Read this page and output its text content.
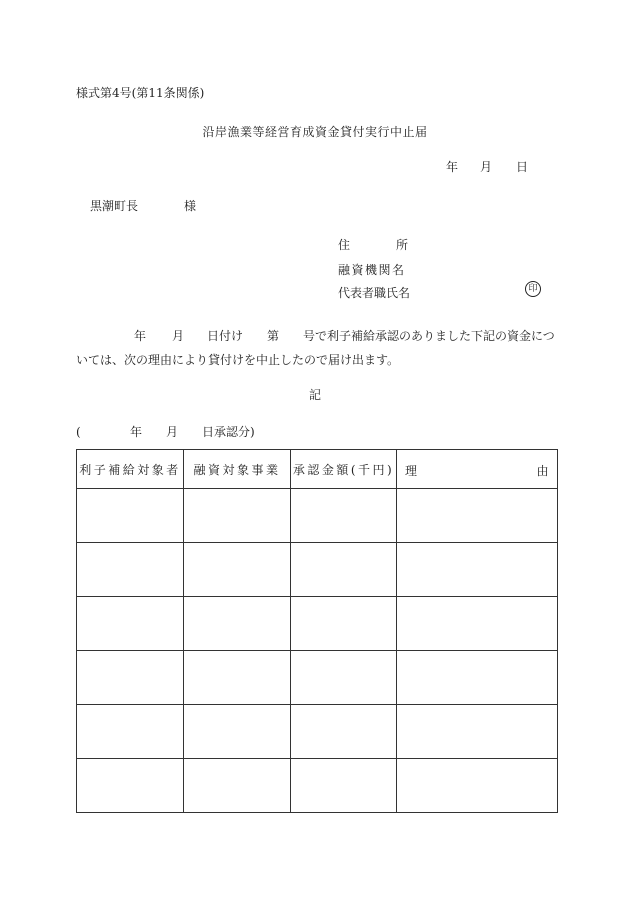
様式第4号(第11条関係)
沿岸漁業等経営育成資金貸付実行中止届
年 月 日
黒潮町長	様
住	所
融資機関名
代表者職氏名	印
年 月 日付け 第 号で利子補給承認のありました下記の資金につ
いては、次の理由により貸付けを中止したので届け出ます。
記
(	年 月 日承認分)
利子補給対象者	融資対象事業	承認金額(千円)	理 由
